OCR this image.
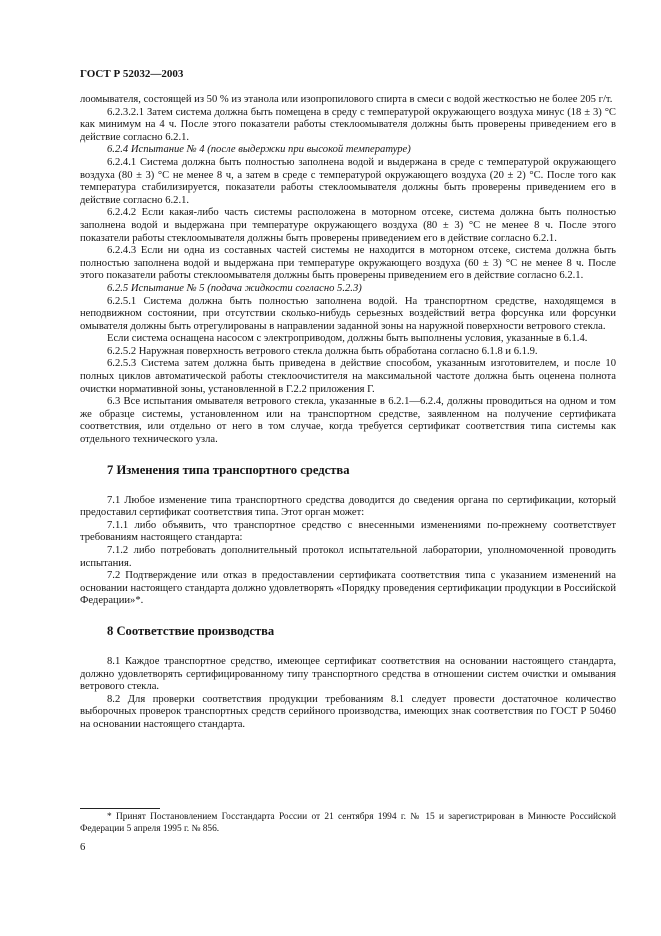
ГОСТ Р 52032—2003

лоомывателя, состоящей из 50 % из этанола или изопропилового спирта в смеси с водой жесткостью не более 205 г/т.

6.2.3.2.1 Затем система должна быть помещена в среду с температурой окружающего воздуха минус (18 ± 3) °С как минимум на 4 ч. После этого показатели работы стеклоомывателя должны быть проверены приведением его в действие согласно 6.2.1.

6.2.4 Испытание № 4 (после выдержки при высокой температуре)

6.2.4.1 Система должна быть полностью заполнена водой и выдержана в среде с температурой окружающего воздуха (80 ± 3) °С не менее 8 ч, а затем в среде с температурой окружающего воздуха (20 ± 2) °С. После того как температура стабилизируется, показатели работы стеклоомывателя должны быть проверены приведением его в действие согласно 6.2.1.

6.2.4.2 Если какая-либо часть системы расположена в моторном отсеке, система должна быть полностью заполнена водой и выдержана при температуре окружающего воздуха (80 ± 3) °С не менее 8 ч. После этого показатели работы стеклоомывателя должны быть проверены приведением его в действие согласно 6.2.1.

6.2.4.3 Если ни одна из составных частей системы не находится в моторном отсеке, система должна быть полностью заполнена водой и выдержана при температуре окружающего воздуха (60 ± 3) °С не менее 8 ч. После этого показатели работы стеклоомывателя должны быть проверены приведением его в действие согласно 6.2.1.

6.2.5 Испытание № 5 (подача жидкости согласно 5.2.3)

6.2.5.1 Система должна быть полностью заполнена водой. На транспортном средстве, находящемся в неподвижном состоянии, при отсутствии сколько-нибудь серьезных воздействий ветра форсунка или форсунки омывателя должны быть отрегулированы в направлении заданной зоны на наружной поверхности ветрового стекла.

Если система оснащена насосом с электроприводом, должны быть выполнены условия, указанные в 6.1.4.

6.2.5.2 Наружная поверхность ветрового стекла должна быть обработана согласно 6.1.8 и 6.1.9.

6.2.5.3 Система затем должна быть приведена в действие способом, указанным изготовителем, и после 10 полных циклов автоматической работы стеклоочистителя на максимальной частоте должна быть оценена полнота очистки нормативной зоны, установленной в Г.2.2 приложения Г.

6.3 Все испытания омывателя ветрового стекла, указанные в 6.2.1—6.2.4, должны проводиться на одном и том же образце системы, установленном или на транспортном средстве, заявленном на получение сертификата соответствия, или отдельно от него в том случае, когда требуется сертификат соответствия типа системы как отдельного технического узла.

7 Изменения типа транспортного средства

7.1 Любое изменение типа транспортного средства доводится до сведения органа по сертификации, который предоставил сертификат соответствия типа. Этот орган может:

7.1.1 либо объявить, что транспортное средство с внесенными изменениями по-прежнему соответствует требованиям настоящего стандарта:

7.1.2 либо потребовать дополнительный протокол испытательной лаборатории, уполномоченной проводить испытания.

7.2 Подтверждение или отказ в предоставлении сертификата соответствия типа с указанием изменений на основании настоящего стандарта должно удовлетворять «Порядку проведения сертификации продукции в Российской Федерации»*.

8 Соответствие производства

8.1 Каждое транспортное средство, имеющее сертификат соответствия на основании настоящего стандарта, должно удовлетворять сертифицированному типу транспортного средства в отношении систем очистки и омывания ветрового стекла.

8.2 Для проверки соответствия продукции требованиям 8.1 следует провести достаточное количество выборочных проверок транспортных средств серийного производства, имеющих знак соответствия по ГОСТ Р 50460 на основании настоящего стандарта.

* Принят Постановлением Госстандарта России от 21 сентября 1994 г. № 15 и зарегистрирован в Минюсте Российской Федерации 5 апреля 1995 г. № 856.
6
